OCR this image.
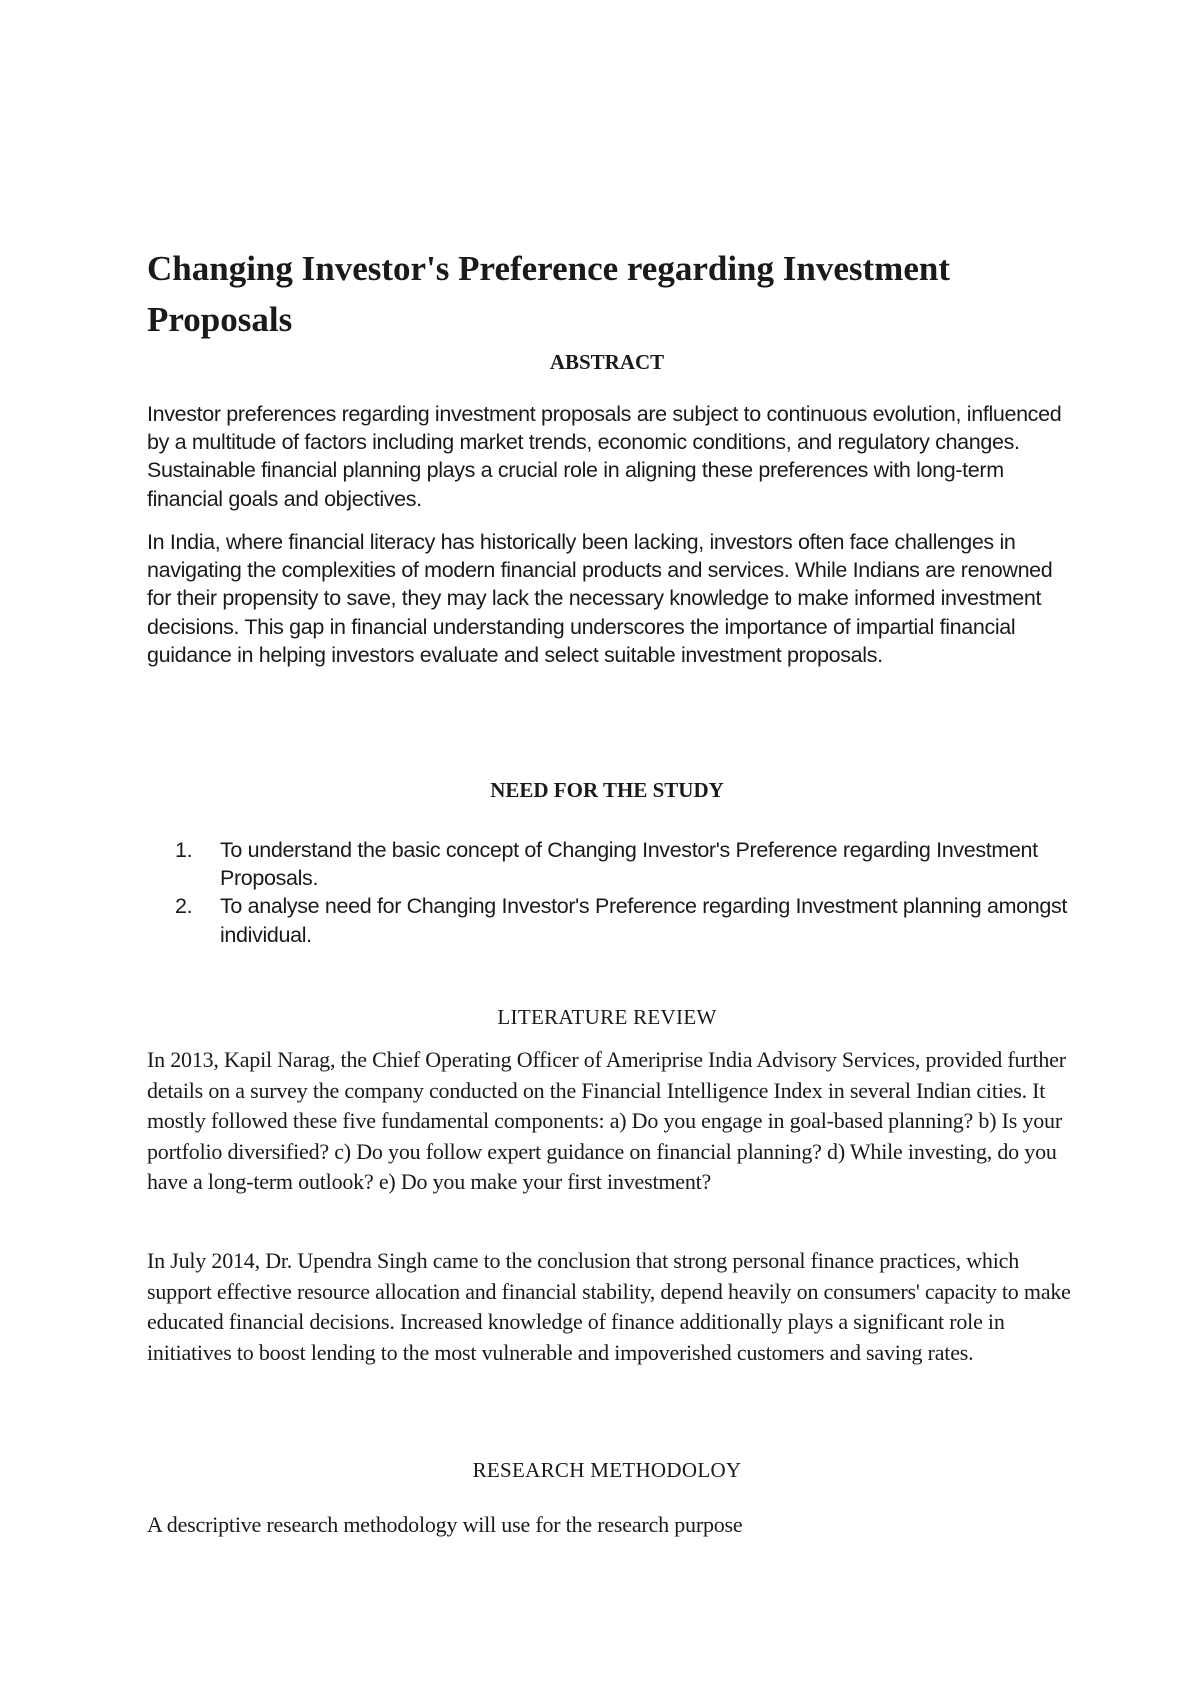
Changing Investor's Preference regarding Investment Proposals
ABSTRACT

Investor preferences regarding investment proposals are subject to continuous evolution, influenced by a multitude of factors including market trends, economic conditions, and regulatory changes. Sustainable financial planning plays a crucial role in aligning these preferences with long-term financial goals and objectives.

In India, where financial literacy has historically been lacking, investors often face challenges in navigating the complexities of modern financial products and services. While Indians are renowned for their propensity to save, they may lack the necessary knowledge to make informed investment decisions. This gap in financial understanding underscores the importance of impartial financial guidance in helping investors evaluate and select suitable investment proposals.

NEED FOR THE STUDY
1. To understand the basic concept of Changing Investor's Preference regarding Investment Proposals.
2. To analyse need for Changing Investor's Preference regarding Investment planning amongst individual.
LITERATURE REVIEW

In 2013, Kapil Narag, the Chief Operating Officer of Ameriprise India Advisory Services, provided further details on a survey the company conducted on the Financial Intelligence Index in several Indian cities. It mostly followed these five fundamental components: a) Do you engage in goal-based planning? b) Is your portfolio diversified? c) Do you follow expert guidance on financial planning? d) While investing, do you have a long-term outlook? e) Do you make your first investment?

In July 2014, Dr. Upendra Singh came to the conclusion that strong personal finance practices, which support effective resource allocation and financial stability, depend heavily on consumers' capacity to make educated financial decisions. Increased knowledge of finance additionally plays a significant role in initiatives to boost lending to the most vulnerable and impoverished customers and saving rates.

RESEARCH METHODOLOY

A descriptive research methodology will use for the research purpose
